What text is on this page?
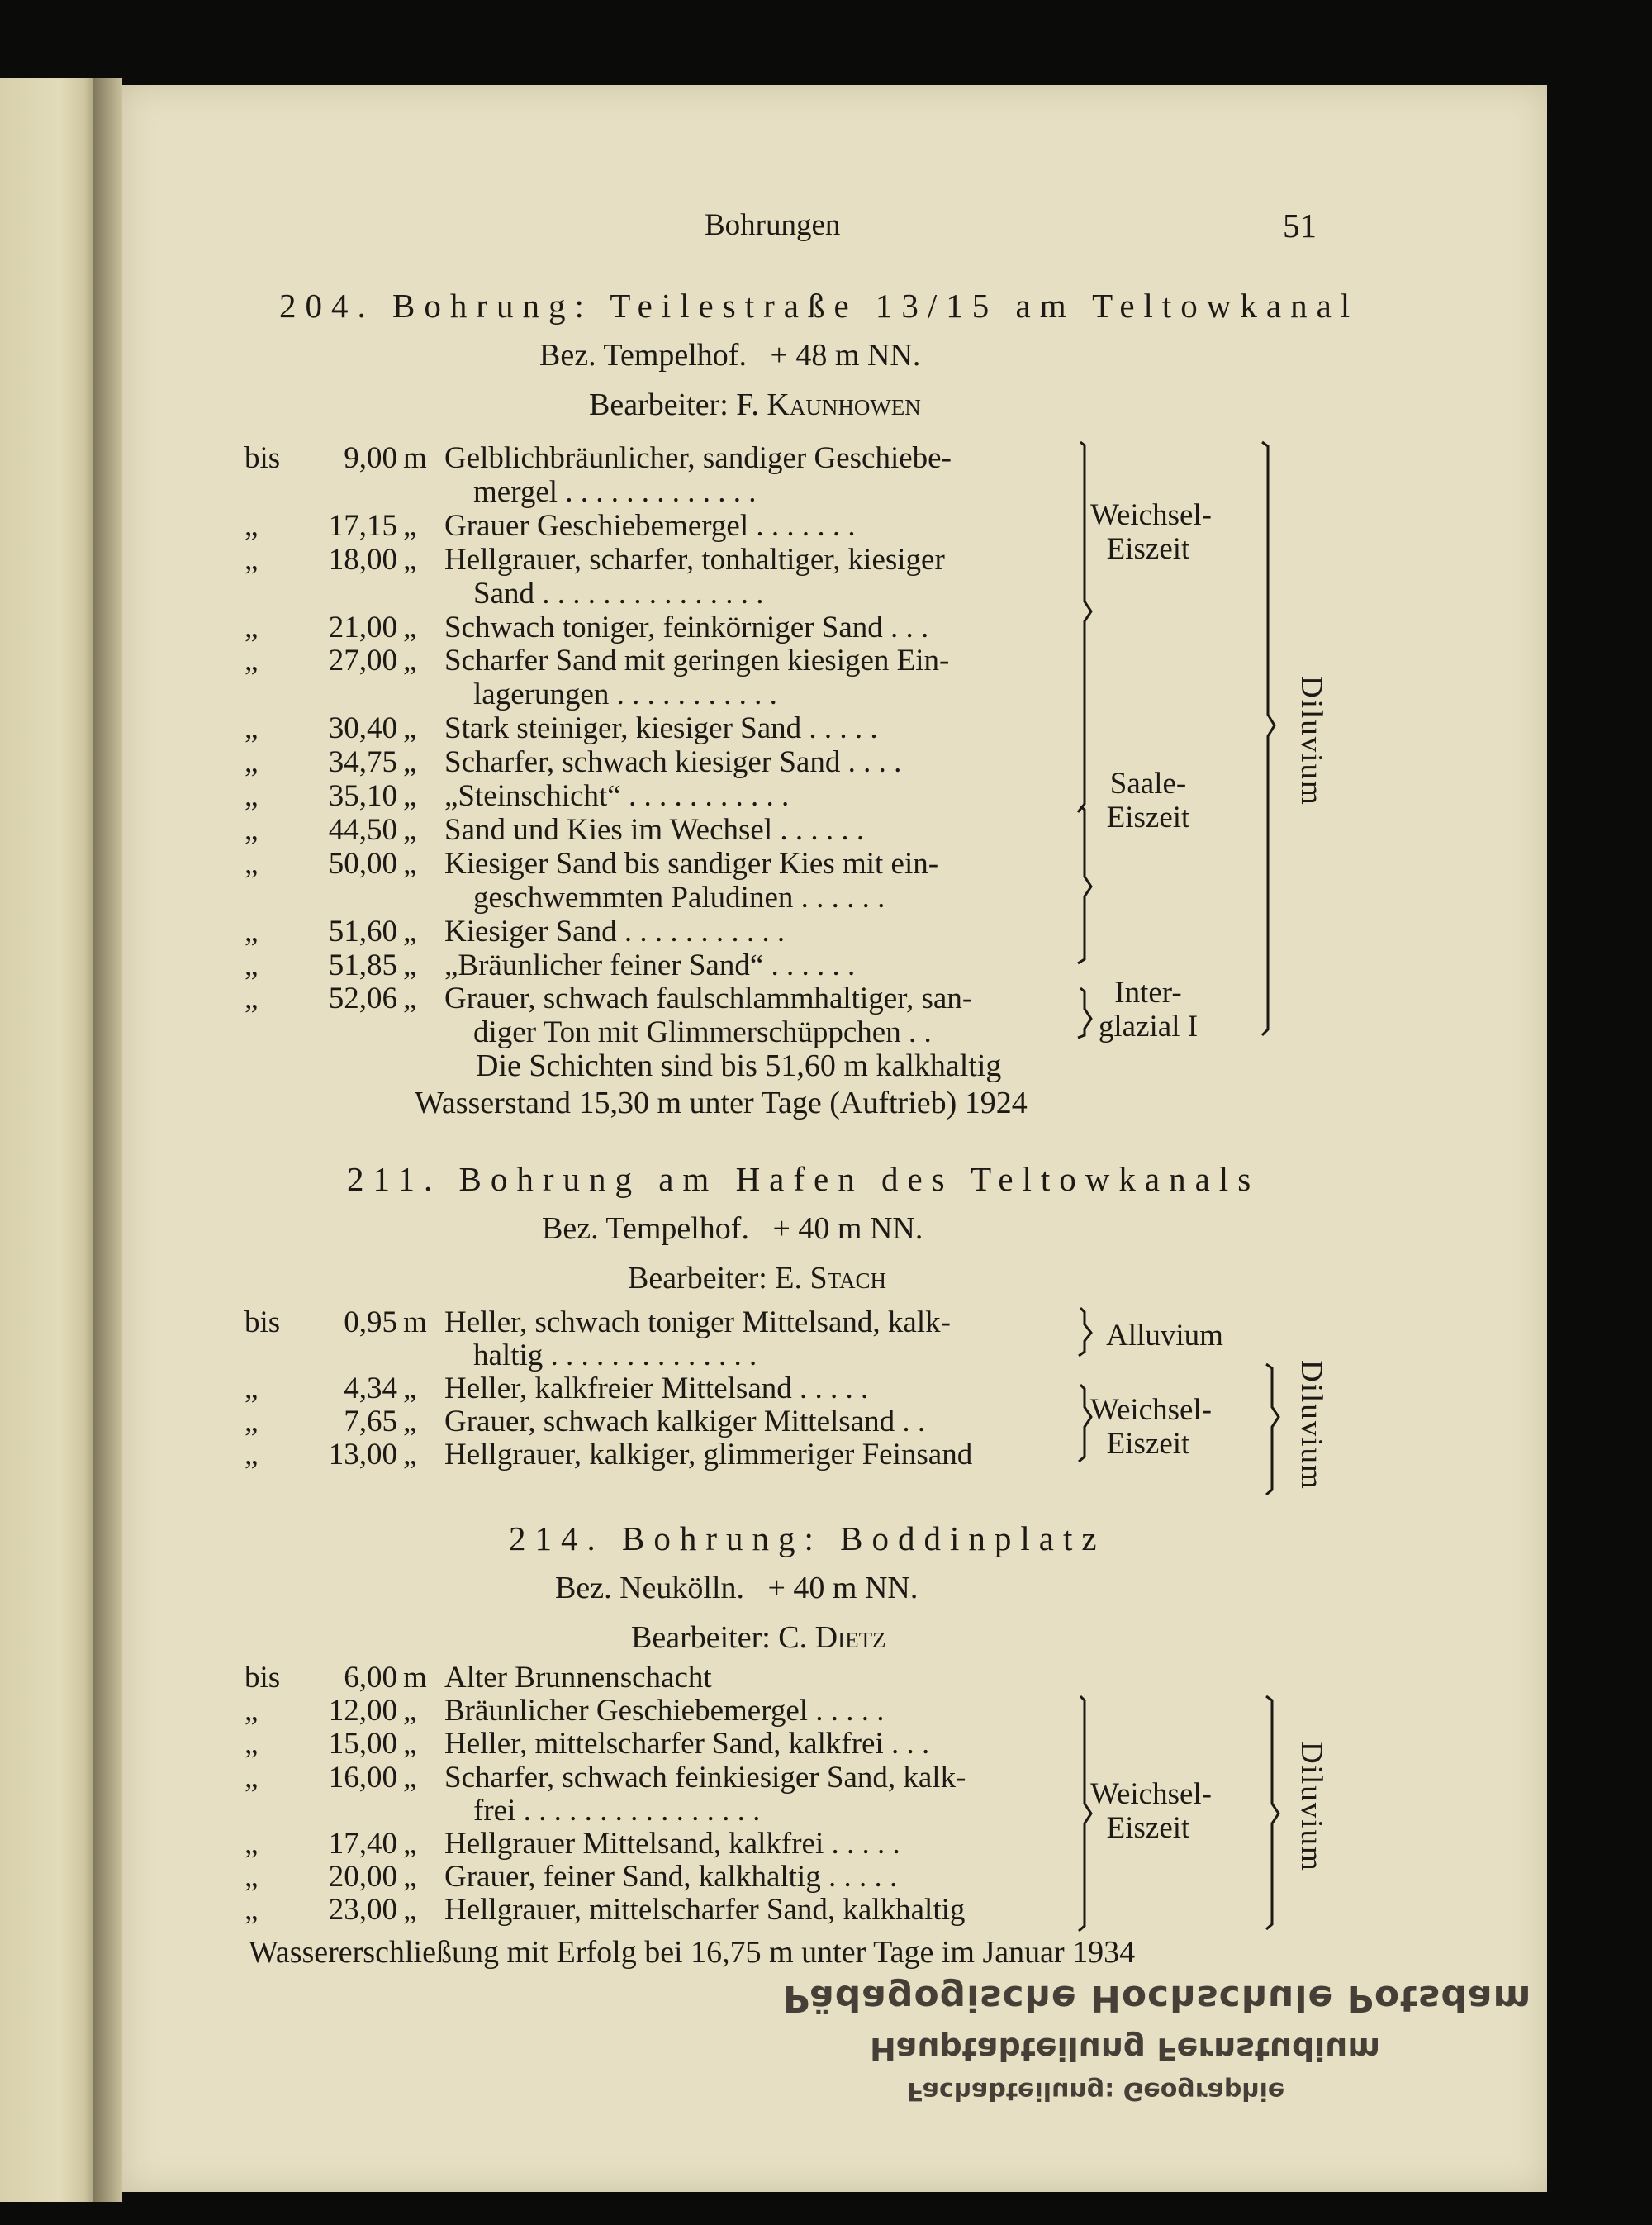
Bohrungen	51
204. Bohrung: Teilestraße 13/15 am Teltowkanal
Bez. Tempelhof.   + 48 m NN.
Bearbeiter: F. Kaunhowen
bis	9,00 m Gelblichbräunlicher, sandiger Geschiebe-
mergel . . . . . . . . . . . . .
„	17,15 „ Grauer Geschiebemergel . . . . . . .
„	18,00 „ Hellgrauer, scharfer, tonhaltiger, kiesiger
Sand . . . . . . . . . . . . . . .
„	21,00 „ Schwach toniger, feinkörniger Sand . . .
„	27,00 „ Scharfer Sand mit geringen kiesigen Ein-
lagerungen . . . . . . . . . . .
„	30,40 „ Stark steiniger, kiesiger Sand . . . . .
„	34,75 „ Scharfer, schwach kiesiger Sand . . . .
„	35,10 „ „Steinschicht“ . . . . . . . . . . .
„	44,50 „ Sand und Kies im Wechsel . . . . . .
„	50,00 „ Kiesiger Sand bis sandiger Kies mit ein-
geschwemmten Paludinen . . . . . .
„	51,60 „ Kiesiger Sand . . . . . . . . . . .
„	51,85 „ „Bräunlicher feiner Sand“ . . . . . .
„	52,06 „ Grauer, schwach faulschlammhaltiger, san-
diger Ton mit Glimmerschüppchen . .
Weichsel-
Eiszeit
Saale-
Eiszeit
Inter-
glazial I
Diluvium
Die Schichten sind bis 51,60 m kalkhaltig
Wasserstand 15,30 m unter Tage (Auftrieb) 1924
211. Bohrung am Hafen des Teltowkanals
Bez. Tempelhof.   + 40 m NN.
Bearbeiter: E. Stach
bis	0,95 m Heller, schwach toniger Mittelsand, kalk-
haltig . . . . . . . . . . . . . .
„	4,34 „ Heller, kalkfreier Mittelsand . . . . .
„	7,65 „ Grauer, schwach kalkiger Mittelsand . .
„	13,00 „ Hellgrauer, kalkiger, glimmeriger Feinsand
Alluvium
Weichsel-
Eiszeit	Diluvium
214. Bohrung: Boddinplatz
Bez. Neukölln.   + 40 m NN.
Bearbeiter: C. Dietz
bis	6,00 m Alter Brunnenschacht
„	12,00 „ Bräunlicher Geschiebemergel . . . . .
„	15,00 „ Heller, mittelscharfer Sand, kalkfrei . . .
„	16,00 „ Scharfer, schwach feinkiesiger Sand, kalk-
frei . . . . . . . . . . . . . . . .
„	17,40 „ Hellgrauer Mittelsand, kalkfrei . . . . .
„	20,00 „ Grauer, feiner Sand, kalkhaltig . . . . .
„	23,00 „ Hellgrauer, mittelscharfer Sand, kalkhaltig
Weichsel-
Eiszeit	Diluvium
Wassererschließung mit Erfolg bei 16,75 m unter Tage im Januar 1934
Pädagogische Hochschule Potsdam
Hauptabteilung Fernstudium
Fachabteilung: Geographie
